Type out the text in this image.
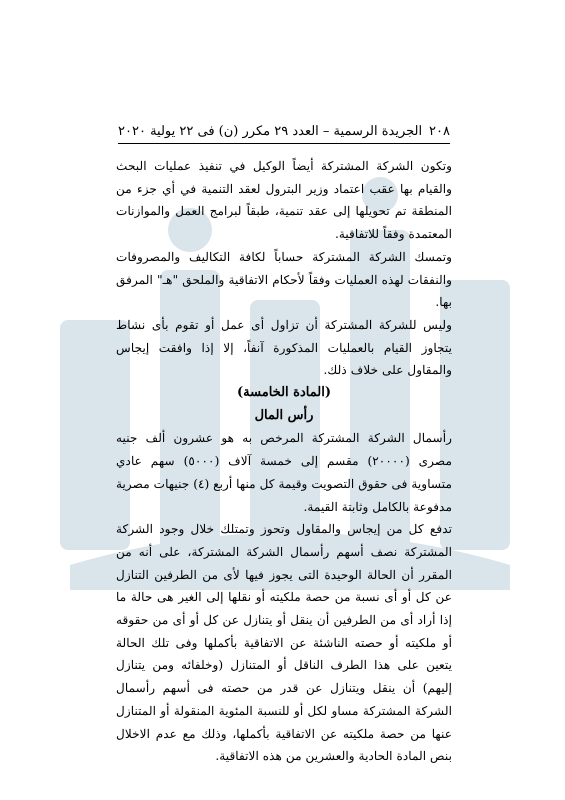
٢٠٨
الجريدة الرسمية – العدد ٢٩ مكرر (ن) فى ٢٢ يولية ٢٠٢٠

وتكون الشركة المشتركة أيضاً الوكيل في تنفيذ عمليات البحث والقيام بها عقب اعتماد وزير البترول لعقد التنمية في أي جزء من المنطقة تم تحويلها إلى عقد تنمية، طبقاً لبرامج العمل والموازنات المعتمدة وفقاً للاتفاقية.

وتمسك الشركة المشتركة حساباً لكافة التكاليف والمصروفات والنفقات لهذه العمليات وفقاً لأحكام الاتفاقية والملحق "هـ" المرفق بها.

وليس للشركة المشتركة أن تزاول أى عمل أو تقوم بأى نشاط يتجاوز القيام بالعمليات المذكورة آنفاً، إلا إذا وافقت إيجاس والمقاول على خلاف ذلك.

(المادة الخامسة)

رأس المال

رأسمال الشركة المشتركة المرخص به هو عشرون ألف جنيه مصرى (٢٠٠٠٠) مقسم إلى خمسة آلاف (٥٠٠٠) سهم عادي متساوية فى حقوق التصويت وقيمة كل منها أربع (٤) جنيهات مصرية مدفوعة بالكامل وثابتة القيمة.

تدفع كل من إيجاس والمقاول وتحوز وتمتلك خلال وجود الشركة المشتركة نصف أسهم رأسمال الشركة المشتركة، على أنه من المقرر أن الحالة الوحيدة التى يجوز فيها لأى من الطرفين التنازل عن كل أو أى نسبة من حصة ملكيته أو نقلها إلى الغير هى حالة ما إذا أراد أى من الطرفين أن ينقل أو يتنازل عن كل أو أى من حقوقه أو ملكيته أو حصته الناشئة عن الاتفاقية بأكملها وفى تلك الحالة يتعين على هذا الطرف الناقل أو المتنازل (وخلفائه ومن يتنازل إليهم) أن ينقل ويتنازل عن قدر من حصته فى أسهم رأسمال الشركة المشتركة مساو لكل أو للنسبة المئوية المنقولة أو المتنازل عنها من حصة ملكيته عن الاتفاقية بأكملها، وذلك مع عدم الاخلال بنص المادة الحادية والعشرين من هذه الاتفاقية.
